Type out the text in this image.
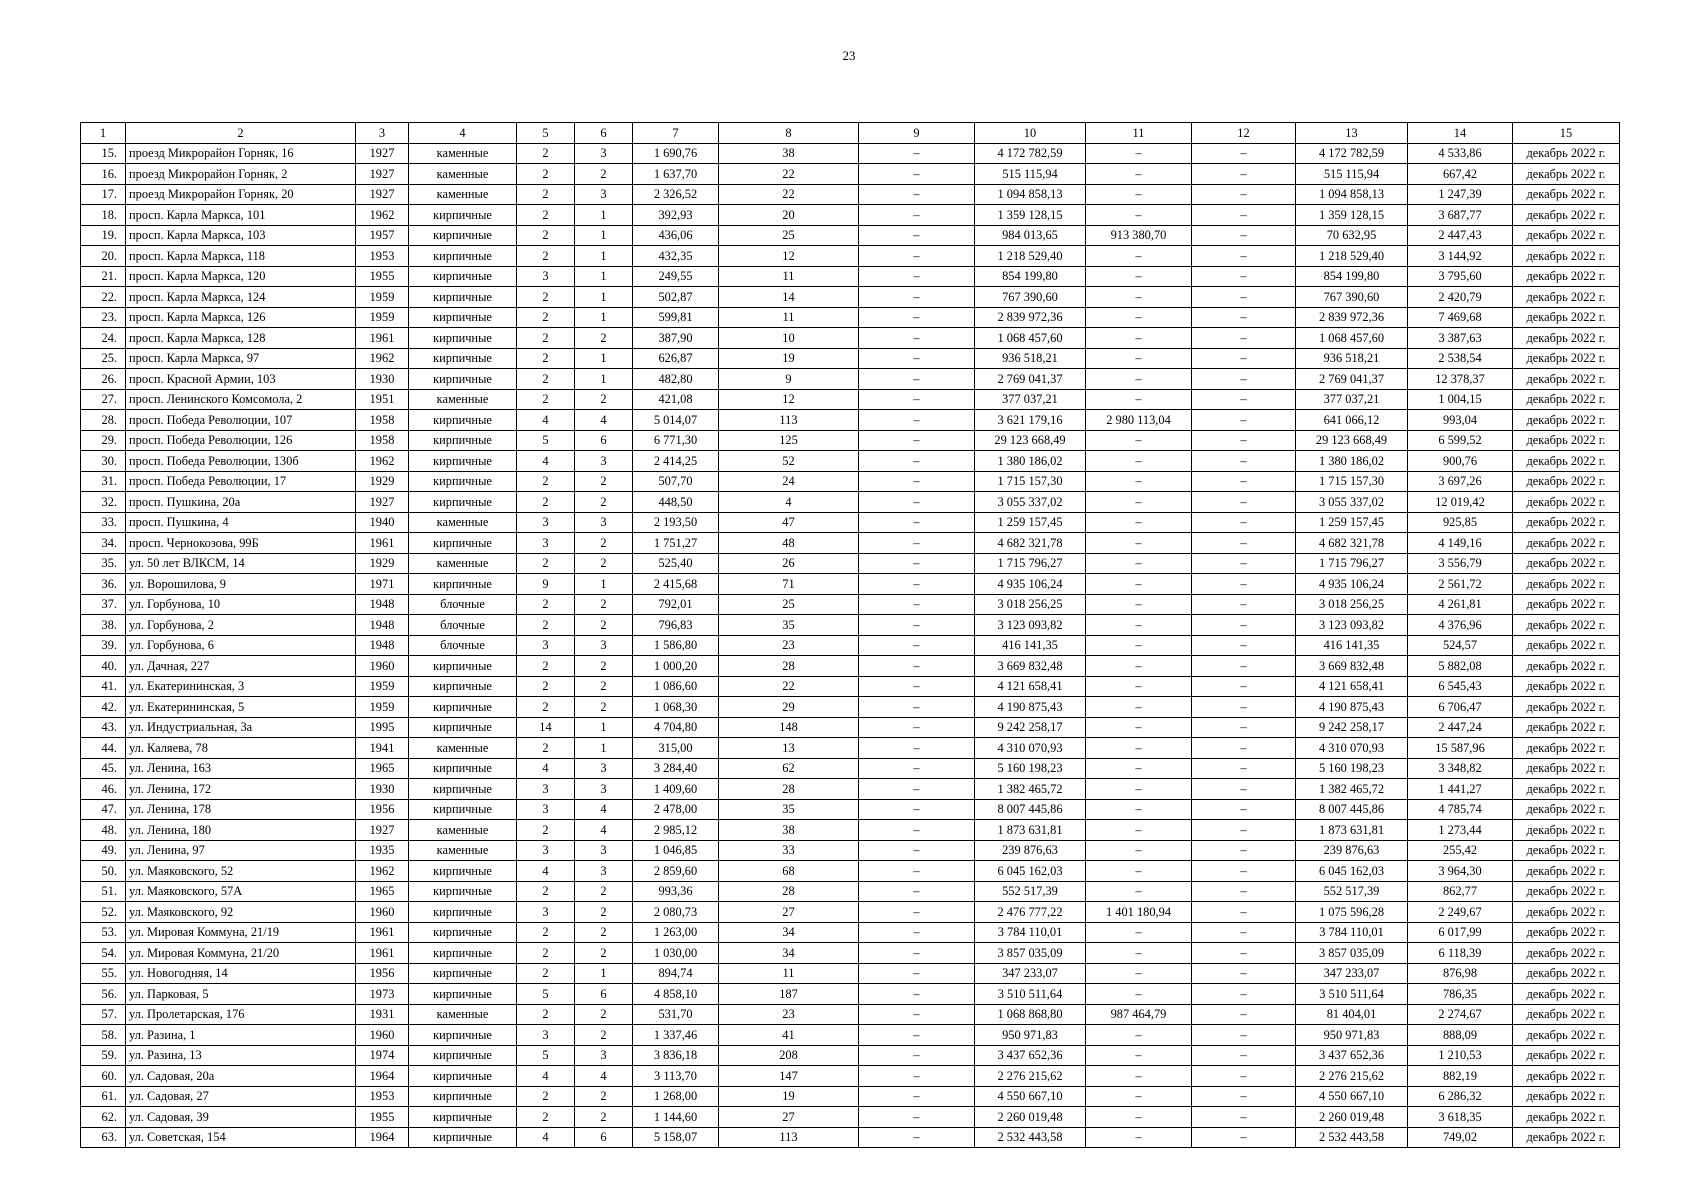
23
1	2	3	4	5	6	7	8	9	10	11	12	13	14	15
15.	проезд Микрорайон Горняк, 16	1927	каменные	2	3	1 690,76	38	–	4 172 782,59	–	–	4 172 782,59	4 533,86	декабрь 2022 г.
16.	проезд Микрорайон Горняк, 2	1927	каменные	2	2	1 637,70	22	–	515 115,94	–	–	515 115,94	667,42	декабрь 2022 г.
17.	проезд Микрорайон Горняк, 20	1927	каменные	2	3	2 326,52	22	–	1 094 858,13	–	–	1 094 858,13	1 247,39	декабрь 2022 г.
18.	просп. Карла Маркса, 101	1962	кирпичные	2	1	392,93	20	–	1 359 128,15	–	–	1 359 128,15	3 687,77	декабрь 2022 г.
19.	просп. Карла Маркса, 103	1957	кирпичные	2	1	436,06	25	–	984 013,65	913 380,70	–	70 632,95	2 447,43	декабрь 2022 г.
20.	просп. Карла Маркса, 118	1953	кирпичные	2	1	432,35	12	–	1 218 529,40	–	–	1 218 529,40	3 144,92	декабрь 2022 г.
21.	просп. Карла Маркса, 120	1955	кирпичные	3	1	249,55	11	–	854 199,80	–	–	854 199,80	3 795,60	декабрь 2022 г.
22.	просп. Карла Маркса, 124	1959	кирпичные	2	1	502,87	14	–	767 390,60	–	–	767 390,60	2 420,79	декабрь 2022 г.
23.	просп. Карла Маркса, 126	1959	кирпичные	2	1	599,81	11	–	2 839 972,36	–	–	2 839 972,36	7 469,68	декабрь 2022 г.
24.	просп. Карла Маркса, 128	1961	кирпичные	2	2	387,90	10	–	1 068 457,60	–	–	1 068 457,60	3 387,63	декабрь 2022 г.
25.	просп. Карла Маркса, 97	1962	кирпичные	2	1	626,87	19	–	936 518,21	–	–	936 518,21	2 538,54	декабрь 2022 г.
26.	просп. Красной Армии, 103	1930	кирпичные	2	1	482,80	9	–	2 769 041,37	–	–	2 769 041,37	12 378,37	декабрь 2022 г.
27.	просп. Ленинского Комсомола, 2	1951	каменные	2	2	421,08	12	–	377 037,21	–	–	377 037,21	1 004,15	декабрь 2022 г.
28.	просп. Победа Революции, 107	1958	кирпичные	4	4	5 014,07	113	–	3 621 179,16	2 980 113,04	–	641 066,12	993,04	декабрь 2022 г.
29.	просп. Победа Революции, 126	1958	кирпичные	5	6	6 771,30	125	–	29 123 668,49	–	–	29 123 668,49	6 599,52	декабрь 2022 г.
30.	просп. Победа Революции, 130б	1962	кирпичные	4	3	2 414,25	52	–	1 380 186,02	–	–	1 380 186,02	900,76	декабрь 2022 г.
31.	просп. Победа Революции, 17	1929	кирпичные	2	2	507,70	24	–	1 715 157,30	–	–	1 715 157,30	3 697,26	декабрь 2022 г.
32.	просп. Пушкина, 20а	1927	кирпичные	2	2	448,50	4	–	3 055 337,02	–	–	3 055 337,02	12 019,42	декабрь 2022 г.
33.	просп. Пушкина, 4	1940	каменные	3	3	2 193,50	47	–	1 259 157,45	–	–	1 259 157,45	925,85	декабрь 2022 г.
34.	просп. Чернокозова, 99Б	1961	кирпичные	3	2	1 751,27	48	–	4 682 321,78	–	–	4 682 321,78	4 149,16	декабрь 2022 г.
35.	ул. 50 лет ВЛКСМ, 14	1929	каменные	2	2	525,40	26	–	1 715 796,27	–	–	1 715 796,27	3 556,79	декабрь 2022 г.
36.	ул. Ворошилова, 9	1971	кирпичные	9	1	2 415,68	71	–	4 935 106,24	–	–	4 935 106,24	2 561,72	декабрь 2022 г.
37.	ул. Горбунова, 10	1948	блочные	2	2	792,01	25	–	3 018 256,25	–	–	3 018 256,25	4 261,81	декабрь 2022 г.
38.	ул. Горбунова, 2	1948	блочные	2	2	796,83	35	–	3 123 093,82	–	–	3 123 093,82	4 376,96	декабрь 2022 г.
39.	ул. Горбунова, 6	1948	блочные	3	3	1 586,80	23	–	416 141,35	–	–	416 141,35	524,57	декабрь 2022 г.
40.	ул. Дачная, 227	1960	кирпичные	2	2	1 000,20	28	–	3 669 832,48	–	–	3 669 832,48	5 882,08	декабрь 2022 г.
41.	ул. Екатерининская, 3	1959	кирпичные	2	2	1 086,60	22	–	4 121 658,41	–	–	4 121 658,41	6 545,43	декабрь 2022 г.
42.	ул. Екатерининская, 5	1959	кирпичные	2	2	1 068,30	29	–	4 190 875,43	–	–	4 190 875,43	6 706,47	декабрь 2022 г.
43.	ул. Индустриальная, 3а	1995	кирпичные	14	1	4 704,80	148	–	9 242 258,17	–	–	9 242 258,17	2 447,24	декабрь 2022 г.
44.	ул. Каляева, 78	1941	каменные	2	1	315,00	13	–	4 310 070,93	–	–	4 310 070,93	15 587,96	декабрь 2022 г.
45.	ул. Ленина, 163	1965	кирпичные	4	3	3 284,40	62	–	5 160 198,23	–	–	5 160 198,23	3 348,82	декабрь 2022 г.
46.	ул. Ленина, 172	1930	кирпичные	3	3	1 409,60	28	–	1 382 465,72	–	–	1 382 465,72	1 441,27	декабрь 2022 г.
47.	ул. Ленина, 178	1956	кирпичные	3	4	2 478,00	35	–	8 007 445,86	–	–	8 007 445,86	4 785,74	декабрь 2022 г.
48.	ул. Ленина, 180	1927	каменные	2	4	2 985,12	38	–	1 873 631,81	–	–	1 873 631,81	1 273,44	декабрь 2022 г.
49.	ул. Ленина, 97	1935	каменные	3	3	1 046,85	33	–	239 876,63	–	–	239 876,63	255,42	декабрь 2022 г.
50.	ул. Маяковского, 52	1962	кирпичные	4	3	2 859,60	68	–	6 045 162,03	–	–	6 045 162,03	3 964,30	декабрь 2022 г.
51.	ул. Маяковского, 57А	1965	кирпичные	2	2	993,36	28	–	552 517,39	–	–	552 517,39	862,77	декабрь 2022 г.
52.	ул. Маяковского, 92	1960	кирпичные	3	2	2 080,73	27	–	2 476 777,22	1 401 180,94	–	1 075 596,28	2 249,67	декабрь 2022 г.
53.	ул. Мировая Коммуна, 21/19	1961	кирпичные	2	2	1 263,00	34	–	3 784 110,01	–	–	3 784 110,01	6 017,99	декабрь 2022 г.
54.	ул. Мировая Коммуна, 21/20	1961	кирпичные	2	2	1 030,00	34	–	3 857 035,09	–	–	3 857 035,09	6 118,39	декабрь 2022 г.
55.	ул. Новогодняя, 14	1956	кирпичные	2	1	894,74	11	–	347 233,07	–	–	347 233,07	876,98	декабрь 2022 г.
56.	ул. Парковая, 5	1973	кирпичные	5	6	4 858,10	187	–	3 510 511,64	–	–	3 510 511,64	786,35	декабрь 2022 г.
57.	ул. Пролетарская, 176	1931	каменные	2	2	531,70	23	–	1 068 868,80	987 464,79	–	81 404,01	2 274,67	декабрь 2022 г.
58.	ул. Разина, 1	1960	кирпичные	3	2	1 337,46	41	–	950 971,83	–	–	950 971,83	888,09	декабрь 2022 г.
59.	ул. Разина, 13	1974	кирпичные	5	3	3 836,18	208	–	3 437 652,36	–	–	3 437 652,36	1 210,53	декабрь 2022 г.
60.	ул. Садовая, 20а	1964	кирпичные	4	4	3 113,70	147	–	2 276 215,62	–	–	2 276 215,62	882,19	декабрь 2022 г.
61.	ул. Садовая, 27	1953	кирпичные	2	2	1 268,00	19	–	4 550 667,10	–	–	4 550 667,10	6 286,32	декабрь 2022 г.
62.	ул. Садовая, 39	1955	кирпичные	2	2	1 144,60	27	–	2 260 019,48	–	–	2 260 019,48	3 618,35	декабрь 2022 г.
63.	ул. Советская, 154	1964	кирпичные	4	6	5 158,07	113	–	2 532 443,58	–	–	2 532 443,58	749,02	декабрь 2022 г.
